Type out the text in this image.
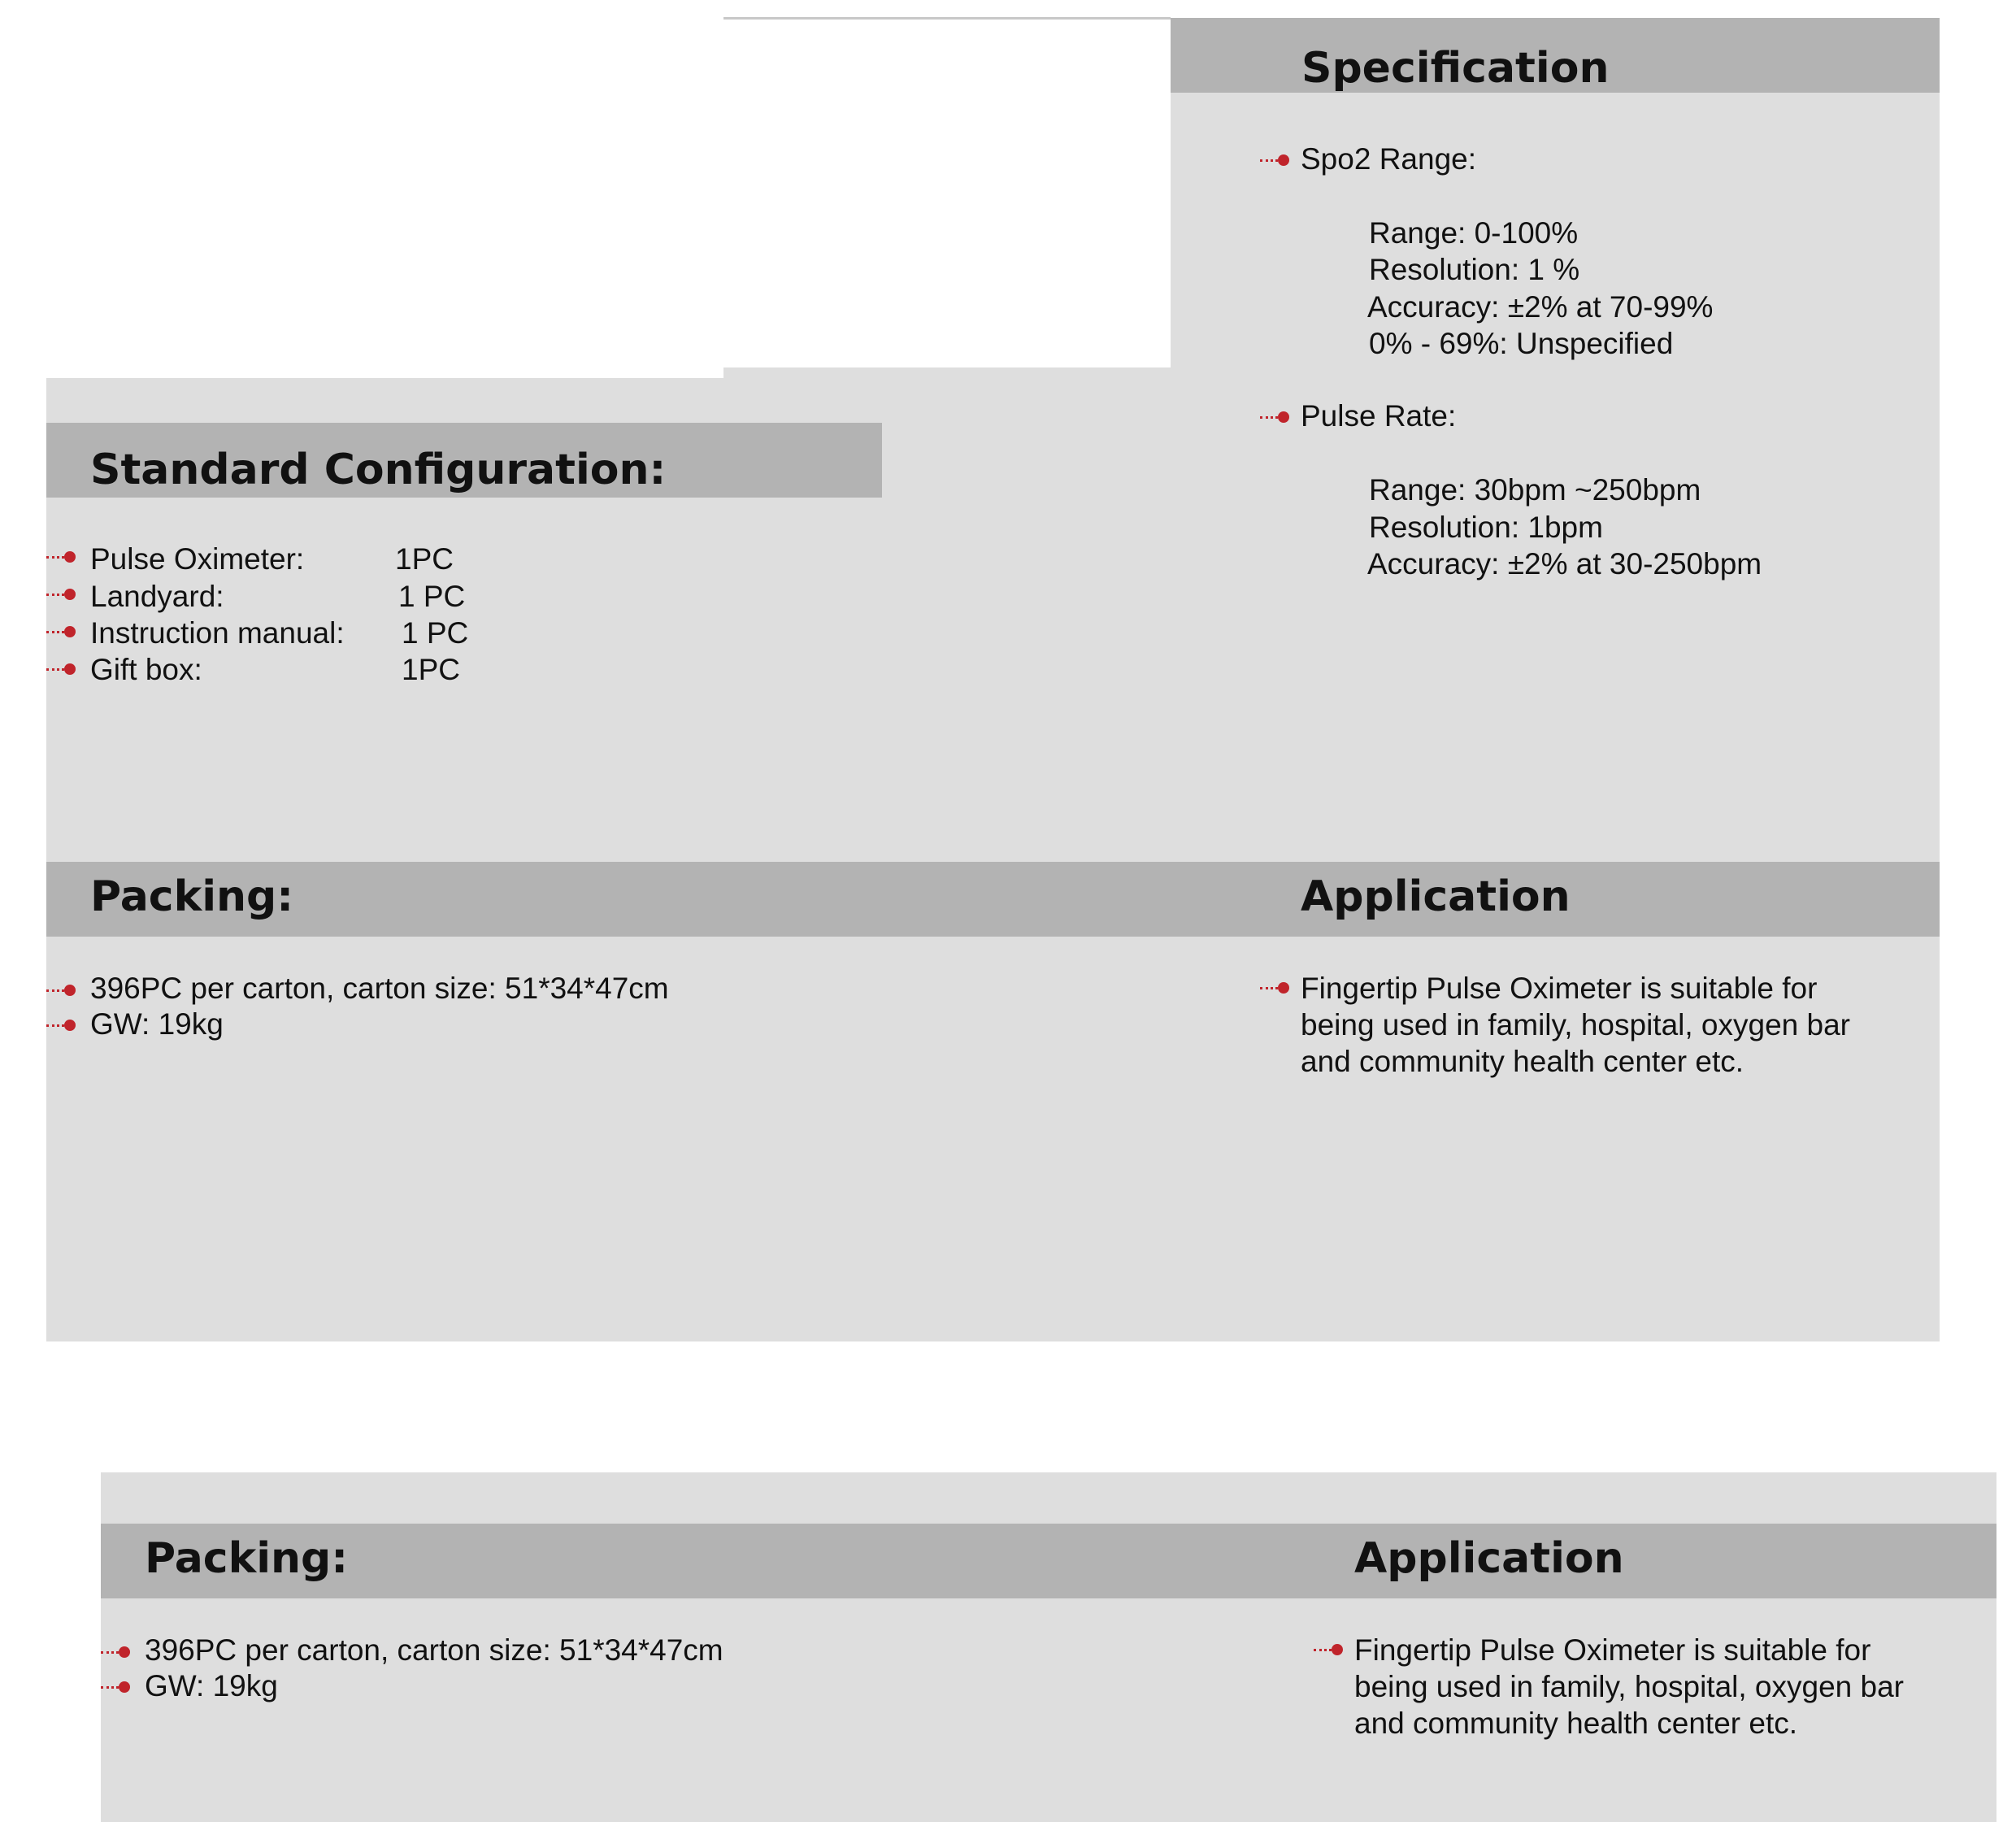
Specification
Spo2 Range:
Range: 0-100%
Resolution: 1 %
Accuracy: ±2% at 70-99%
0% - 69%: Unspecified
Pulse Rate:
Range: 30bpm ~250bpm
Resolution: 1bpm
Accuracy: ±2% at 30-250bpm
Standard Configuration:
Pulse Oximeter:	1PC
Landyard:	1 PC
Instruction manual: 1 PC
Gift box:	1PC
Packing:	Application
396PC per carton, carton size: 51*34*47cm
GW: 19kg
Fingertip Pulse Oximeter is suitable for
being used in family, hospital, oxygen bar
and community health center etc.
Packing:	Application
396PC per carton, carton size: 51*34*47cm
GW: 19kg
Fingertip Pulse Oximeter is suitable for
being used in family, hospital, oxygen bar
and community health center etc.
